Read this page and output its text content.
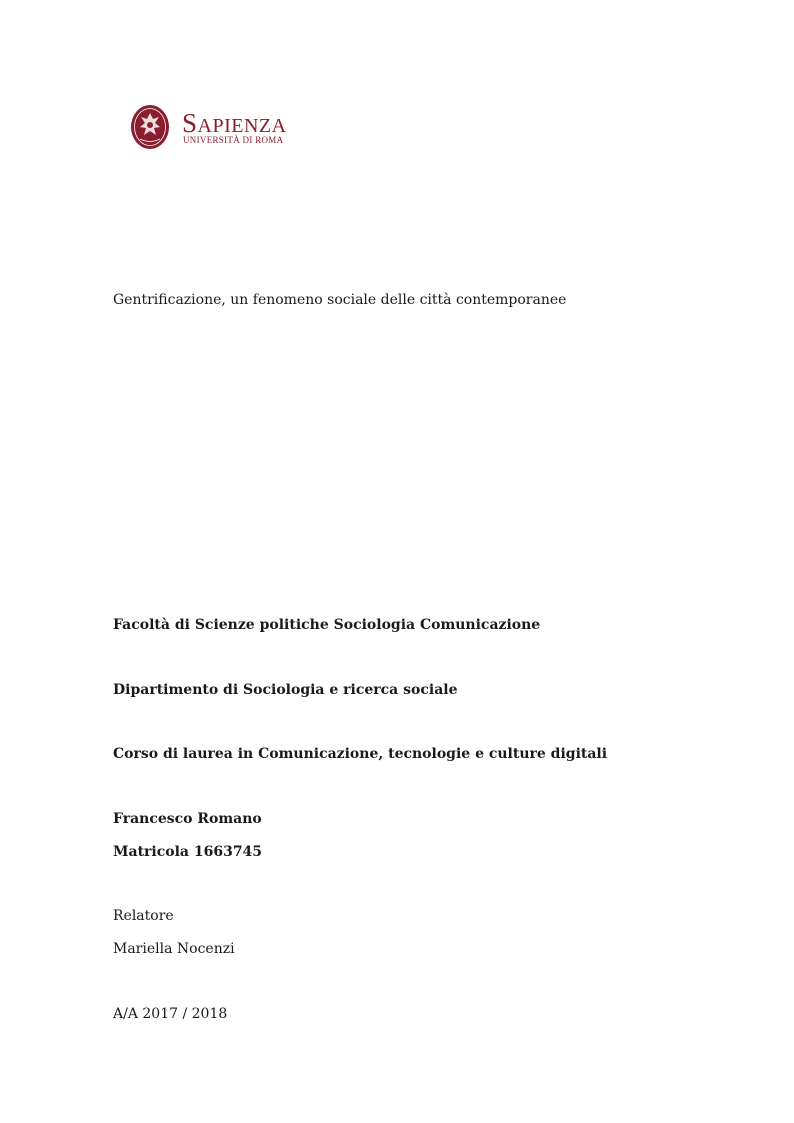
SAPIENZA
UNIVERSITÀ DI ROMA
Gentrificazione, un fenomeno sociale delle città contemporanee
Facoltà di Scienze politiche Sociologia Comunicazione
Dipartimento di Sociologia e ricerca sociale
Corso di laurea in Comunicazione, tecnologie e culture digitali
Francesco Romano
Matricola 1663745
Relatore
Mariella Nocenzi
A/A 2017 / 2018
